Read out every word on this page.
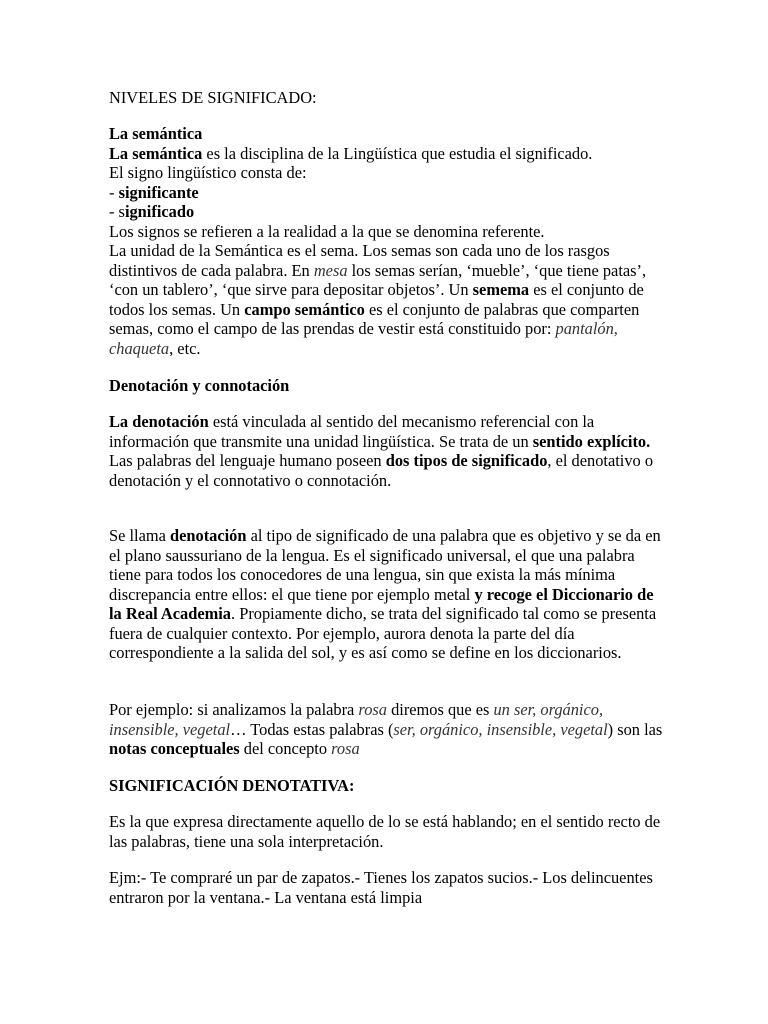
NIVELES DE SIGNIFICADO:

La semántica
La semántica es la disciplina de la Lingüística que estudia el significado.
El signo lingüístico consta de:
- significante
- significado
Los signos se refieren a la realidad a la que se denomina referente.
La unidad de la Semántica es el sema. Los semas son cada uno de los rasgos distintivos de cada palabra. En mesa los semas serían, ‘mueble’, ‘que tiene patas’, ‘con un tablero’, ‘que sirve para depositar objetos’. Un semema es el conjunto de todos los semas. Un campo semántico es el conjunto de palabras que comparten semas, como el campo de las prendas de vestir está constituido por: pantalón, chaqueta, etc.

Denotación y connotación

La denotación está vinculada al sentido del mecanismo referencial con la información que transmite una unidad lingüística. Se trata de un sentido explícito.
Las palabras del lenguaje humano poseen dos tipos de significado, el denotativo o denotación y el connotativo o connotación.

Se llama denotación al tipo de significado de una palabra que es objetivo y se da en el plano saussuriano de la lengua. Es el significado universal, el que una palabra tiene para todos los conocedores de una lengua, sin que exista la más mínima discrepancia entre ellos: el que tiene por ejemplo metal y recoge el Diccionario de la Real Academia. Propiamente dicho, se trata del significado tal como se presenta fuera de cualquier contexto. Por ejemplo, aurora denota la parte del día correspondiente a la salida del sol, y es así como se define en los diccionarios.

Por ejemplo: si analizamos la palabra rosa diremos que es un ser, orgánico, insensible, vegetal… Todas estas palabras (ser, orgánico, insensible, vegetal) son las notas conceptuales del concepto rosa

SIGNIFICACIÓN DENOTATIVA:

Es la que expresa directamente aquello de lo se está hablando; en el sentido recto de las palabras, tiene una sola interpretación.

Ejm:- Te compraré un par de zapatos.- Tienes los zapatos sucios.- Los delincuentes entraron por la ventana.- La ventana está limpia
